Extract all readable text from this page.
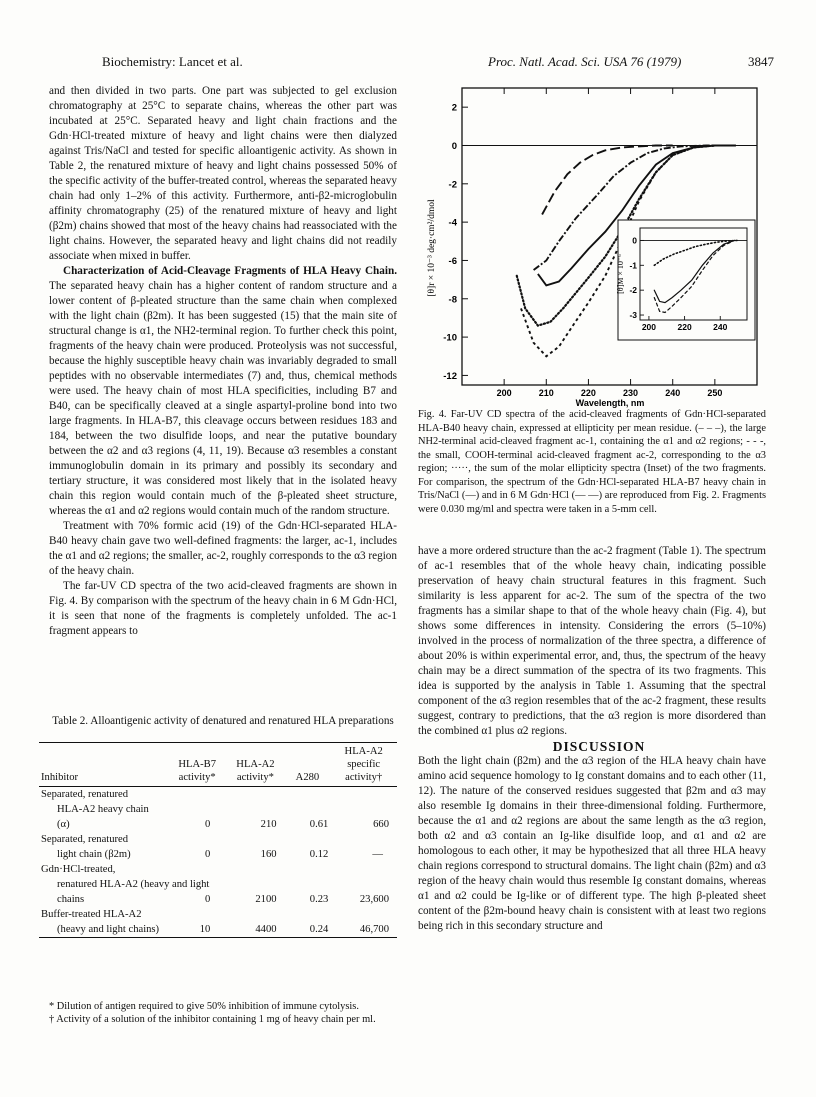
Biochemistry: Lancet et al.	Proc. Natl. Acad. Sci. USA 76 (1979)	3847

and then divided in two parts. One part was subjected to gel exclusion chromatography at 25°C to separate chains, whereas the other part was incubated at 25°C. Separated heavy and light chain fractions and the Gdn·HCl-treated mixture of heavy and light chains were then dialyzed against Tris/NaCl and tested for specific alloantigenic activity. As shown in Table 2, the renatured mixture of heavy and light chains possessed 50% of the specific activity of the buffer-treated control, whereas the separated heavy chain had only 1–2% of this activity. Furthermore, anti-β2-microglobulin affinity chromatography (25) of the renatured mixture of heavy and light (β2m) chains showed that most of the heavy chains had reassociated with the light chains. However, the separated heavy and light chains did not readily associate when mixed in buffer.

Characterization of Acid-Cleavage Fragments of HLA Heavy Chain. The separated heavy chain has a higher content of random structure and a lower content of β-pleated structure than the same chain when complexed with the light chain (β2m). It has been suggested (15) that the main site of structural change is α1, the NH2-terminal region. To further check this point, fragments of the heavy chain were produced. Proteolysis was not successful, because the highly susceptible heavy chain was invariably degraded to small peptides with no observable intermediates (7) and, thus, chemical methods were used. The heavy chain of most HLA specificities, including B7 and B40, can be specifically cleaved at a single aspartyl-proline bond into two large fragments. In HLA-B7, this cleavage occurs between residues 183 and 184, between the two disulfide loops, and near the putative boundary between the α2 and α3 regions (4, 11, 19). Because α3 resembles a constant immunoglobulin domain in its primary and possibly its secondary and tertiary structure, it was considered most likely that in the isolated heavy chain this region would contain much of the β-pleated sheet structure, whereas the α1 and α2 regions would contain much of the random structure.

Treatment with 70% formic acid (19) of the Gdn·HCl-separated HLA-B40 heavy chain gave two well-defined fragments: the larger, ac-1, includes the α1 and α2 regions; the smaller, ac-2, roughly corresponds to the α3 region of the heavy chain.

The far-UV CD spectra of the two acid-cleaved fragments are shown in Fig. 4. By comparison with the spectrum of the heavy chain in 6 M Gdn·HCl, it is seen that none of the fragments is completely unfolded. The ac-1 fragment appears to

Table 2. Alloantigenic activity of denatured and renatured HLA preparations
Inhibitor	HLA-B7 activity*	HLA-A2 activity*	A280	HLA-A2 specific activity†
Separated, renatured				
HLA-A2 heavy chain				
(α)	0	210	0.61	660
Separated, renatured				
light chain (β2m)	0	160	0.12	—
Gdn·HCl-treated,				
renatured HLA-A2 (heavy and light				
chains	0	2100	0.23	23,600
Buffer-treated HLA-A2				
(heavy and light chains)	10	4400	0.24	46,700

* Dilution of antigen required to give 50% inhibition of immune cytolysis.

† Activity of a solution of the inhibitor containing 1 mg of heavy chain per ml.

200	210	220	230	240	250
2
0
-2
-4
-6
-8
-10
-12
200	220	240
0
-1
-2
-3
[θ]M × 10⁻⁶
[θ]r × 10⁻³ deg·cm²/dmol
Wavelength, nm
Fig. 4. Far-UV CD spectra of the acid-cleaved fragments of Gdn·HCl-separated HLA-B40 heavy chain, expressed at ellipticity per mean residue. (– – –), the large NH2-terminal acid-cleaved fragment ac-1, containing the α1 and α2 regions; - - -, the small, COOH-terminal acid-cleaved fragment ac-2, corresponding to the α3 region; ·····, the sum of the molar ellipticity spectra (Inset) of the two fragments. For comparison, the spectrum of the Gdn·HCl-separated HLA-B7 heavy chain in Tris/NaCl (—) and in 6 M Gdn·HCl (— —) are reproduced from Fig. 2. Fragments were 0.030 mg/ml and spectra were taken in a 5-mm cell.

have a more ordered structure than the ac-2 fragment (Table 1). The spectrum of ac-1 resembles that of the whole heavy chain, indicating possible preservation of heavy chain structural features in this fragment. Such similarity is less apparent for ac-2. The sum of the spectra of the two fragments has a similar shape to that of the whole heavy chain (Fig. 4), but shows some differences in intensity. Considering the errors (5–10%) involved in the process of normalization of the three spectra, a difference of about 20% is within experimental error, and, thus, the spectrum of the heavy chain may be a direct summation of the spectra of its two fragments. This idea is supported by the analysis in Table 1. Assuming that the spectral component of the α3 region resembles that of the ac-2 fragment, these results suggest, contrary to predictions, that the α3 region is more disordered than the combined α1 plus α2 regions.

DISCUSSION

Both the light chain (β2m) and the α3 region of the HLA heavy chain have amino acid sequence homology to Ig constant domains and to each other (11, 12). The nature of the conserved residues suggested that β2m and α3 may also resemble Ig domains in their three-dimensional folding. Furthermore, because the α1 and α2 regions are about the same length as the α3 region, both α2 and α3 contain an Ig-like disulfide loop, and α1 and α2 are homologous to each other, it may be hypothesized that all three HLA heavy chain regions correspond to structural domains. The light chain (β2m) and α3 region of the heavy chain would thus resemble Ig constant domains, whereas α1 and α2 could be Ig-like or of different type. The high β-pleated sheet content of the β2m-bound heavy chain is consistent with at least two regions being rich in this secondary structure and
